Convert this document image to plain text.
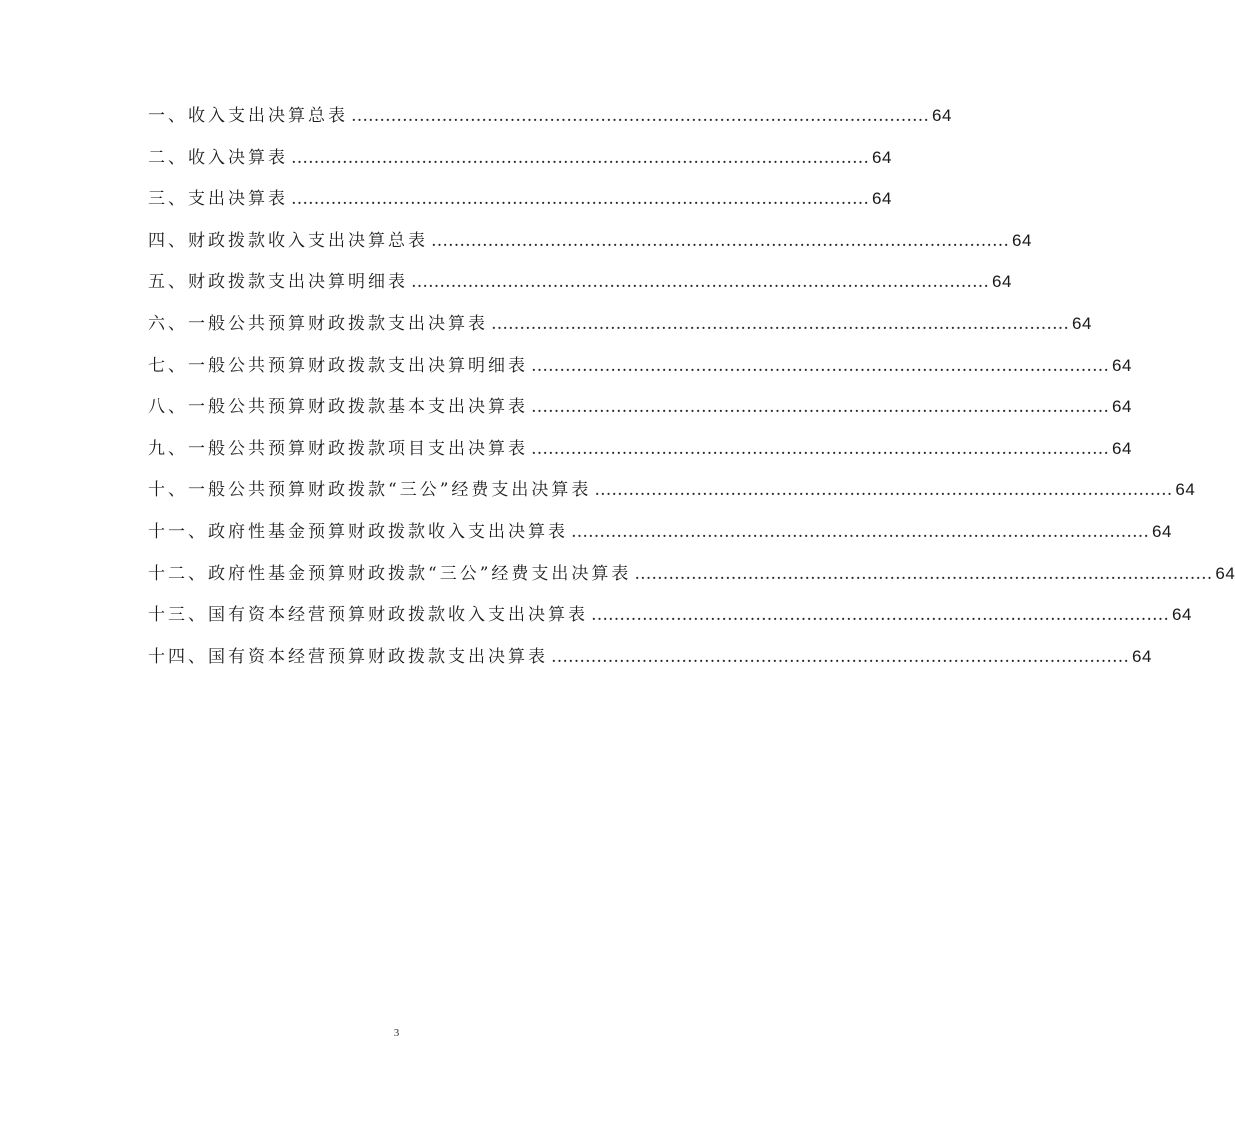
一、收入支出决算总表 ………………………………………………………………………………………… 64
二、收入决算表 ………………………………………………………………………………………… 64
三、支出决算表 ………………………………………………………………………………………… 64
四、财政拨款收入支出决算总表 ………………………………………………………………………………………… 64
五、财政拨款支出决算明细表 ………………………………………………………………………………………… 64
六、一般公共预算财政拨款支出决算表 ………………………………………………………………………………………… 64
七、一般公共预算财政拨款支出决算明细表 ………………………………………………………………………………………… 64
八、一般公共预算财政拨款基本支出决算表 ………………………………………………………………………………………… 64
九、一般公共预算财政拨款项目支出决算表 ………………………………………………………………………………………… 64
十、一般公共预算财政拨款“三公”经费支出决算表 ………………………………………………………………………………………… 64
十一、政府性基金预算财政拨款收入支出决算表 ………………………………………………………………………………………… 64
十二、政府性基金预算财政拨款“三公”经费支出决算表 ………………………………………………………………………………………… 64
十三、国有资本经营预算财政拨款收入支出决算表 ………………………………………………………………………………………… 64
十四、国有资本经营预算财政拨款支出决算表 ………………………………………………………………………………………… 64
3
